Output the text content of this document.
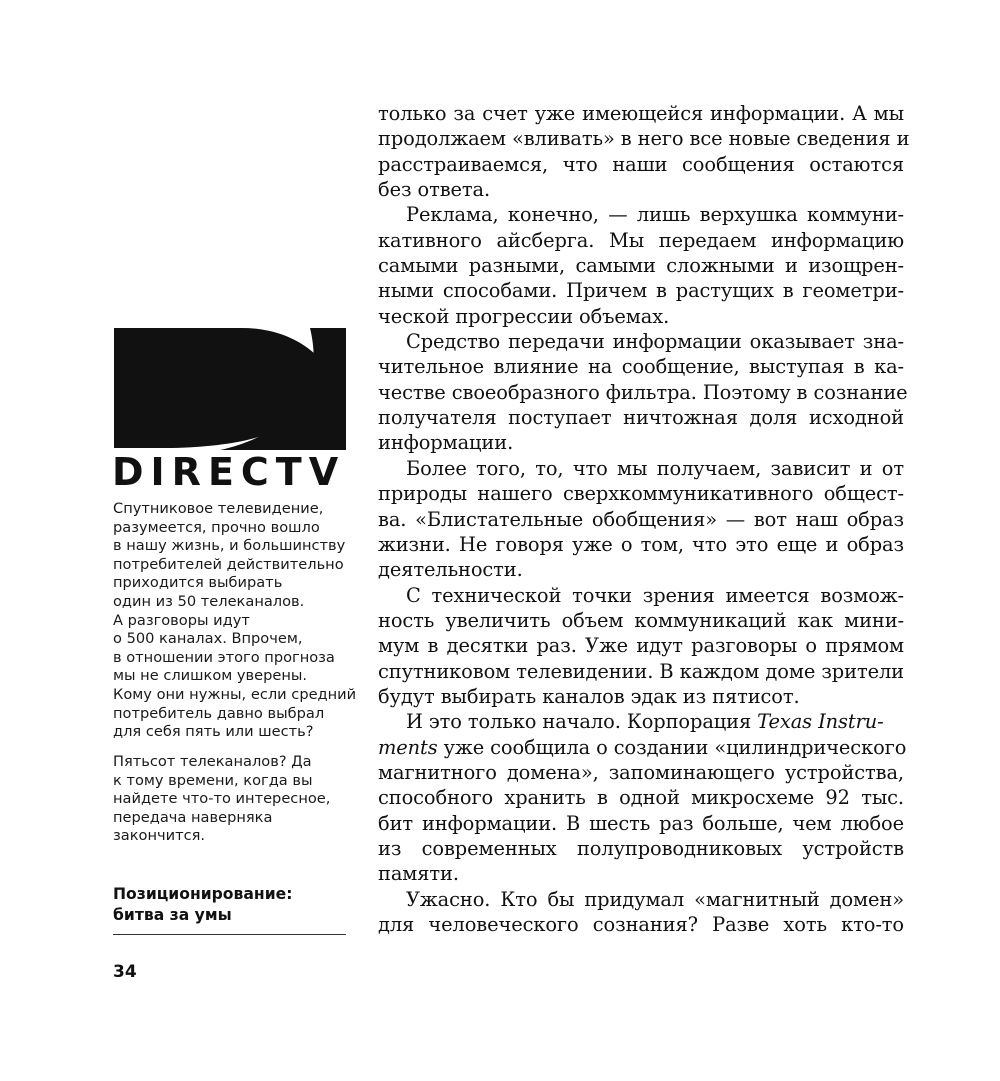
DIRECTV
Спутниковое телевидение,
разумеется, прочно вошло
в нашу жизнь, и большинству
потребителей действительно
приходится выбирать
один из 50 телеканалов.
А разговоры идут
о 500 каналах. Впрочем,
в отношении этого прогноза
мы не слишком уверены.
Кому они нужны, если средний
потребитель давно выбрал
для себя пять или шесть?
Пятьсот телеканалов? Да
к тому времени, когда вы
найдете что-то интересное,
передача наверняка
закончится.
Позиционирование:
битва за умы
34
только за счет уже имеющейся информации. А мы
продолжаем «вливать» в него все новые сведения и
расстраиваемся, что наши сообщения остаются
без ответа.
Реклама, конечно, — лишь верхушка коммуни-
кативного айсберга. Мы передаем информацию
самыми разными, самыми сложными и изощрен-
ными способами. Причем в растущих в геометри-
ческой прогрессии объемах.
Средство передачи информации оказывает зна-
чительное влияние на сообщение, выступая в ка-
честве своеобразного фильтра. Поэтому в сознание
получателя поступает ничтожная доля исходной
информации.
Более того, то, что мы получаем, зависит и от
природы нашего сверхкоммуникативного общест-
ва. «Блистательные обобщения» — вот наш образ
жизни. Не говоря уже о том, что это еще и образ
деятельности.
С технической точки зрения имеется возмож-
ность увеличить объем коммуникаций как мини-
мум в десятки раз. Уже идут разговоры о прямом
спутниковом телевидении. В каждом доме зрители
будут выбирать каналов эдак из пятисот.
И это только начало. Корпорация Texas Instru-
ments уже сообщила о создании «цилиндрического
магнитного домена», запоминающего устройства,
способного хранить в одной микросхеме 92 тыс.
бит информации. В шесть раз больше, чем любое
из современных полупроводниковых устройств
памяти.
Ужасно. Кто бы придумал «магнитный домен»
для человеческого сознания? Разве хоть кто-то
